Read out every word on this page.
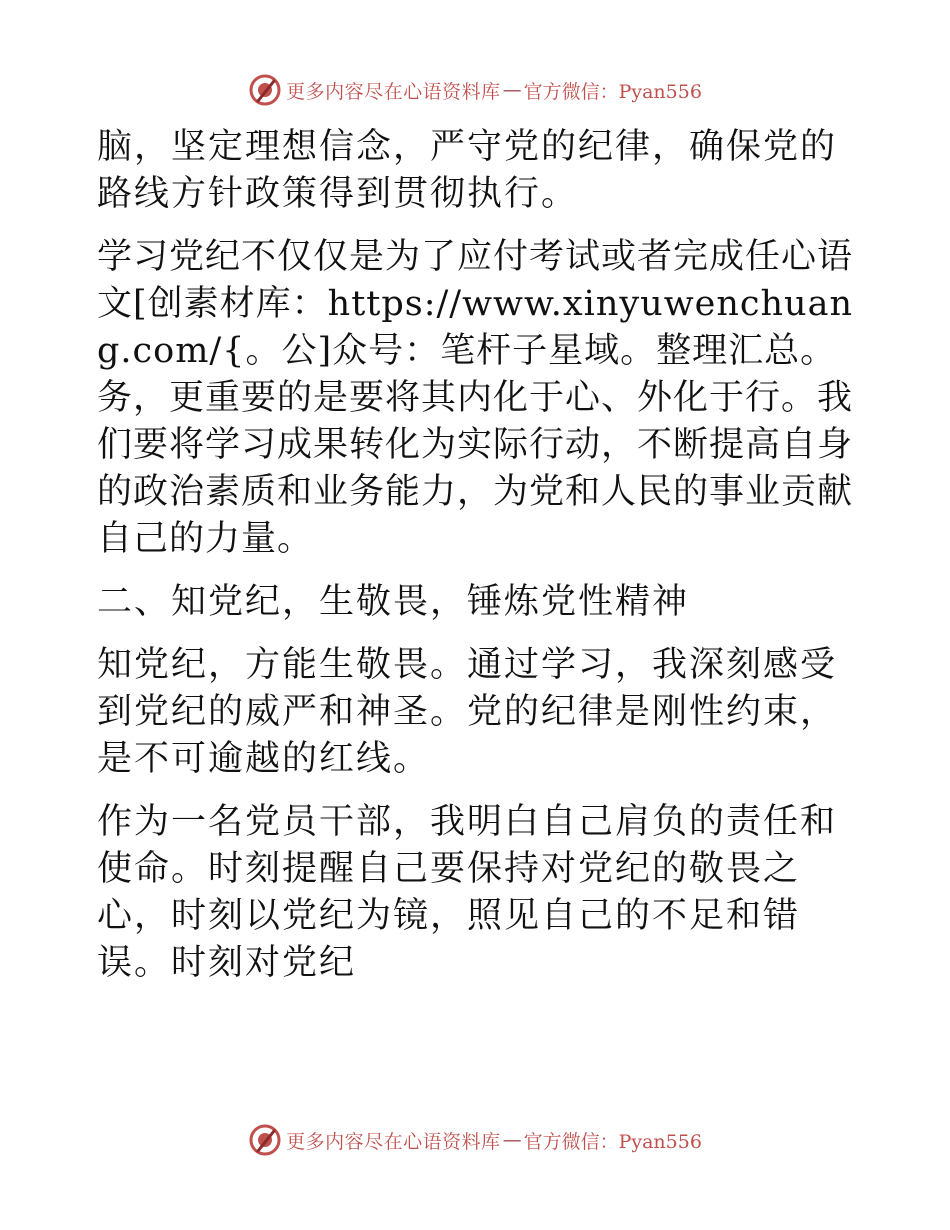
更多内容尽在心语资料库 — 官方微信：Pyan556

脑，坚定理想信念，严守党的纪律，确保党的路线方针政策得到贯彻执行。

学习党纪不仅仅是为了应付考试或者完成任心语文[创素材库：https://www.xinyuwenchuang.com/{。公]众号：笔杆子星域。整理汇总。务，更重要的是要将其内化于心、外化于行。我们要将学习成果转化为实际行动，不断提高自身的政治素质和业务能力，为党和人民的事业贡献自己的力量。

二、知党纪，生敬畏，锤炼党性精神

知党纪，方能生敬畏。通过学习，我深刻感受到党纪的威严和神圣。党的纪律是刚性约束，是不可逾越的红线。

作为一名党员干部，我明白自己肩负的责任和使命。时刻提醒自己要保持对党纪的敬畏之心，时刻以党纪为镜，照见自己的不足和错误。时刻对党纪

更多内容尽在心语资料库 — 官方微信：Pyan556
